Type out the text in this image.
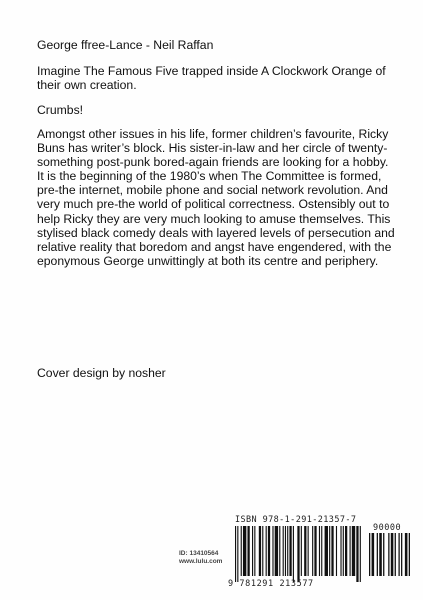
George ffree-Lance - Neil Raffan

Imagine The Famous Five trapped inside A Clockwork Orange of their own creation.

Crumbs!

Amongst other issues in his life, former children’s favourite, Ricky Buns has writer’s block. His sister-in-law and her circle of twenty-something post-punk bored-again friends are looking for a hobby. It is the beginning of the 1980’s when The Committee is formed, pre-the internet, mobile phone and social network revolution. And very much pre-the world of political correctness. Ostensibly out to help Ricky they are very much looking to amuse themselves. This stylised black comedy deals with layered levels of persecution and relative reality that boredom and angst have engendered, with the eponymous George unwittingly at both its centre and periphery.

Cover design by nosher

ID: 13410564
www.lulu.com
ISBN 978-1-291-21357-7
90000
9 781291 213577
